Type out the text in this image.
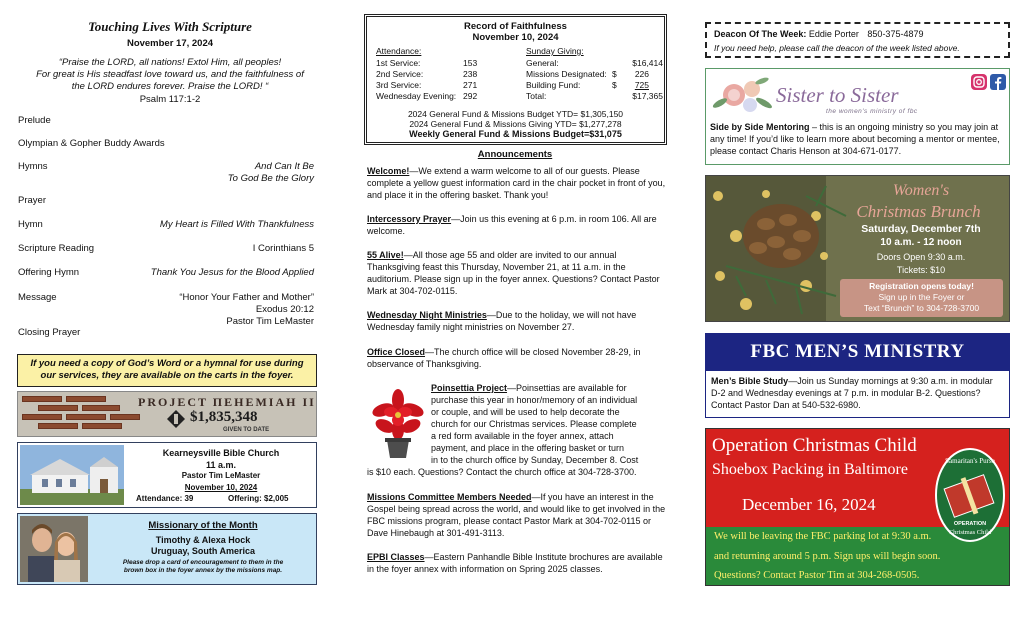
Touching Lives With Scripture
November 17, 2024
“Praise the LORD, all nations! Extol Him, all peoples!
For great is His steadfast love toward us, and the faithfulness of
the LORD endures forever. Praise the LORD! “
Psalm 117:1-2
Prelude
Olympian & Gopher Buddy Awards
Hymns	And Can It Be
To God Be the Glory
Prayer
Hymn	My Heart is Filled With Thankfulness
Scripture Reading	I Corinthians 5
Offering Hymn	Thank You Jesus for the Blood Applied
Message	“Honor Your Father and Mother”
Exodus 20:12
Pastor Tim LeMaster
Closing Prayer
If you need a copy of God’s Word or a hymnal for use during
our services, they are available on the carts in the foyer.
PROJECT ΠΕΗΕΜΙΑΗ II
$1,835,348
GIVEN TO DATE
Kearneysville Bible Church
11 a.m.
Pastor Tim LeMaster
November 10, 2024
Attendance: 39	Offering: $2,005
Missionary of the Month
Timothy & Alexa Hock
Uruguay, South America
Please drop a card of encouragement to them in the
brown box in the foyer annex by the missions map.
Record of Faithfulness
November 10, 2024
Attendance:
1st Service:	153
2nd Service:	238
3rd Service:	271
Wednesday Evening: 292
Sunday Giving:
General:	$16,414
Missions Designated: $ 226
Building Fund:	$ 725
Total:	$17,365
2024 General Fund & Missions Budget YTD= $1,305,150
2024 General Fund & Missions Giving YTD= $1,277,278
Weekly General Fund & Missions Budget=$31,075
Announcements
Welcome!—We extend a warm welcome to all of our guests. Please complete a yellow guest information card in the chair pocket in front of you, and place it in the offering basket. Thank you!
Intercessory Prayer—Join us this evening at 6 p.m. in room 106. All are welcome.
55 Alive!—All those age 55 and older are invited to our annual Thanksgiving feast this Thursday, November 21, at 11 a.m. in the auditorium. Please sign up in the foyer annex. Questions? Contact Pastor Mark at 304-702-0115.
Wednesday Night Ministries—Due to the holiday, we will not have Wednesday family night ministries on November 27.
Office Closed—The church office will be closed November 28-29, in observance of Thanksgiving.
Poinsettia Project—Poinsettias are available for
purchase this year in honor/memory of an individual
or couple, and will be used to help decorate the
church for our Christmas services. Please complete
a red form available in the foyer annex, attach
payment, and place in the offering basket or turn
in to the church office by Sunday, December 8. Cost
is $10 each. Questions? Contact the church office at 304-728-3700.
Missions Committee Members Needed—If you have an interest in the Gospel being spread across the world, and would like to get involved in the FBC missions program, please contact Pastor Mark at 304-702-0115 or Dave Hinebaugh at 301-491-3113.
EPBI Classes—Eastern Panhandle Bible Institute brochures are available in the foyer annex with information on Spring 2025 classes.
Deacon Of The Week: Eddie Porter 850-375-4879
If you need help, please call the deacon of the week listed above.
Sister to Sister
the women's ministry of fbc
Side by Side Mentoring – this is an ongoing ministry so you may join at any time! If you’d like to learn more about becoming a mentor or mentee, please contact Charis Henson at 304-671-0177.
Women's
Christmas Brunch
Saturday, December 7th
10 a.m. - 12 noon
Doors Open 9:30 a.m.
Tickets: $10
Registration opens today!
Sign up in the Foyer or
Text “Brunch” to 304-728-3700
FBC MEN’S MINISTRY
Men’s Bible Study—Join us Sunday mornings at 9:30 a.m. in modular D-2 and Wednesday evenings at 7 p.m. in modular B-2. Questions? Contact Pastor Dan at 540-532-6980.
Operation Christmas Child
Shoebox Packing in Baltimore
December 16, 2024
We will be leaving the FBC parking lot at 9:30 a.m.
and returning around 5 p.m. Sign ups will begin soon.
Questions? Contact Pastor Tim at 304-268-0505.
Samaritan's Purse
OPERATION
Christmas Child
